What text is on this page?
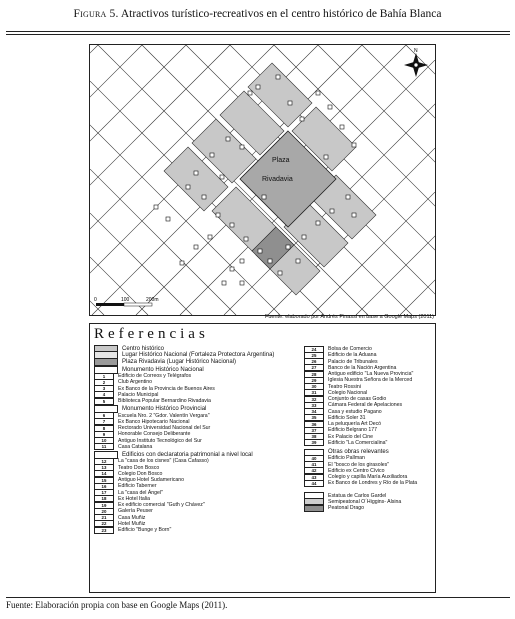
Figura 5. Atractivos turístico-recreativos en el centro histórico de Bahía Blanca
Plaza
Rivadavia
N
0	100	200m
Fuente: elaborado por Andrés Pinassi en base a Google Maps (2011)
Referencias
Centro histórico
Lugar Histórico Nacional (Fortaleza Protectora Argentina)
Plaza Rivadavia (Lugar Histórico Nacional)
Monumento Histórico Nacional
1	Edificio de Correos y Telégrafos
2	Club Argentino
3	Ex Banco de la Provincia de Buenos Aires
4	Palacio Municipal
5	Biblioteca Popular Bernardino Rivadavia
Monumento Histórico Provincial
6	Escuela Nro. 2 "Gdor. Valentín Vergara"
7	Ex Banco Hipotecario Nacional
8	Rectorado Universidad Nacional del Sur
9	Honorable Consejo Deliberante
10	Antiguo Instituto Tecnológico del Sur
11	Casa Catalana
Edificios con declaratoria patrimonial a nivel local
12	La "casa de los cisnes" (Casa Cafasso)
13	Teatro Don Bosco
14	Colegio Don Bosco
15	Antiguo Hotel Sudamericano
16	Edificio Taberner
17	La "casa del Ángel"
18	Ex Hotel Italia
19	Ex edificio comercial "Guth y Chávez"
20	Galería Peuser
21	Casa Muñiz
22	Hotel Muñiz
23	Edificio "Bunge y Born"
24	Bolsa de Comercio
25	Edificio de la Aduana
26	Palacio de Tribunales
27	Banco de la Nación Argentina
28	Antiguo edificio "La Nueva Provincia"
29	Iglesia Nuestra Señora de la Merced
30	Teatro Rossini
31	Colegio Nacional
32	Conjunto de casas Godio
33	Cámara Federal de Apelaciones
34	Casa y estudio Pagano
35	Edificio Soler 31
36	La peluquería Art Decó
37	Edificio Belgrano 177
38	Ex Palacio del Cine
39	Edificio "La Comercialina"
Otras obras relevantes
40	Edificio Pallman
41	El "bosco de los girasoles"
42	Edificio ex Centro Cívico
43	Colegio y capilla María Auxiliadora
44	Ex Banco de Londres y Río de la Plata
Estatua de Carlos Gardel
Semipeatonal O´Higgins- Alsina
Peatonal Drago
Fuente: Elaboración propia con base en Google Maps (2011).
